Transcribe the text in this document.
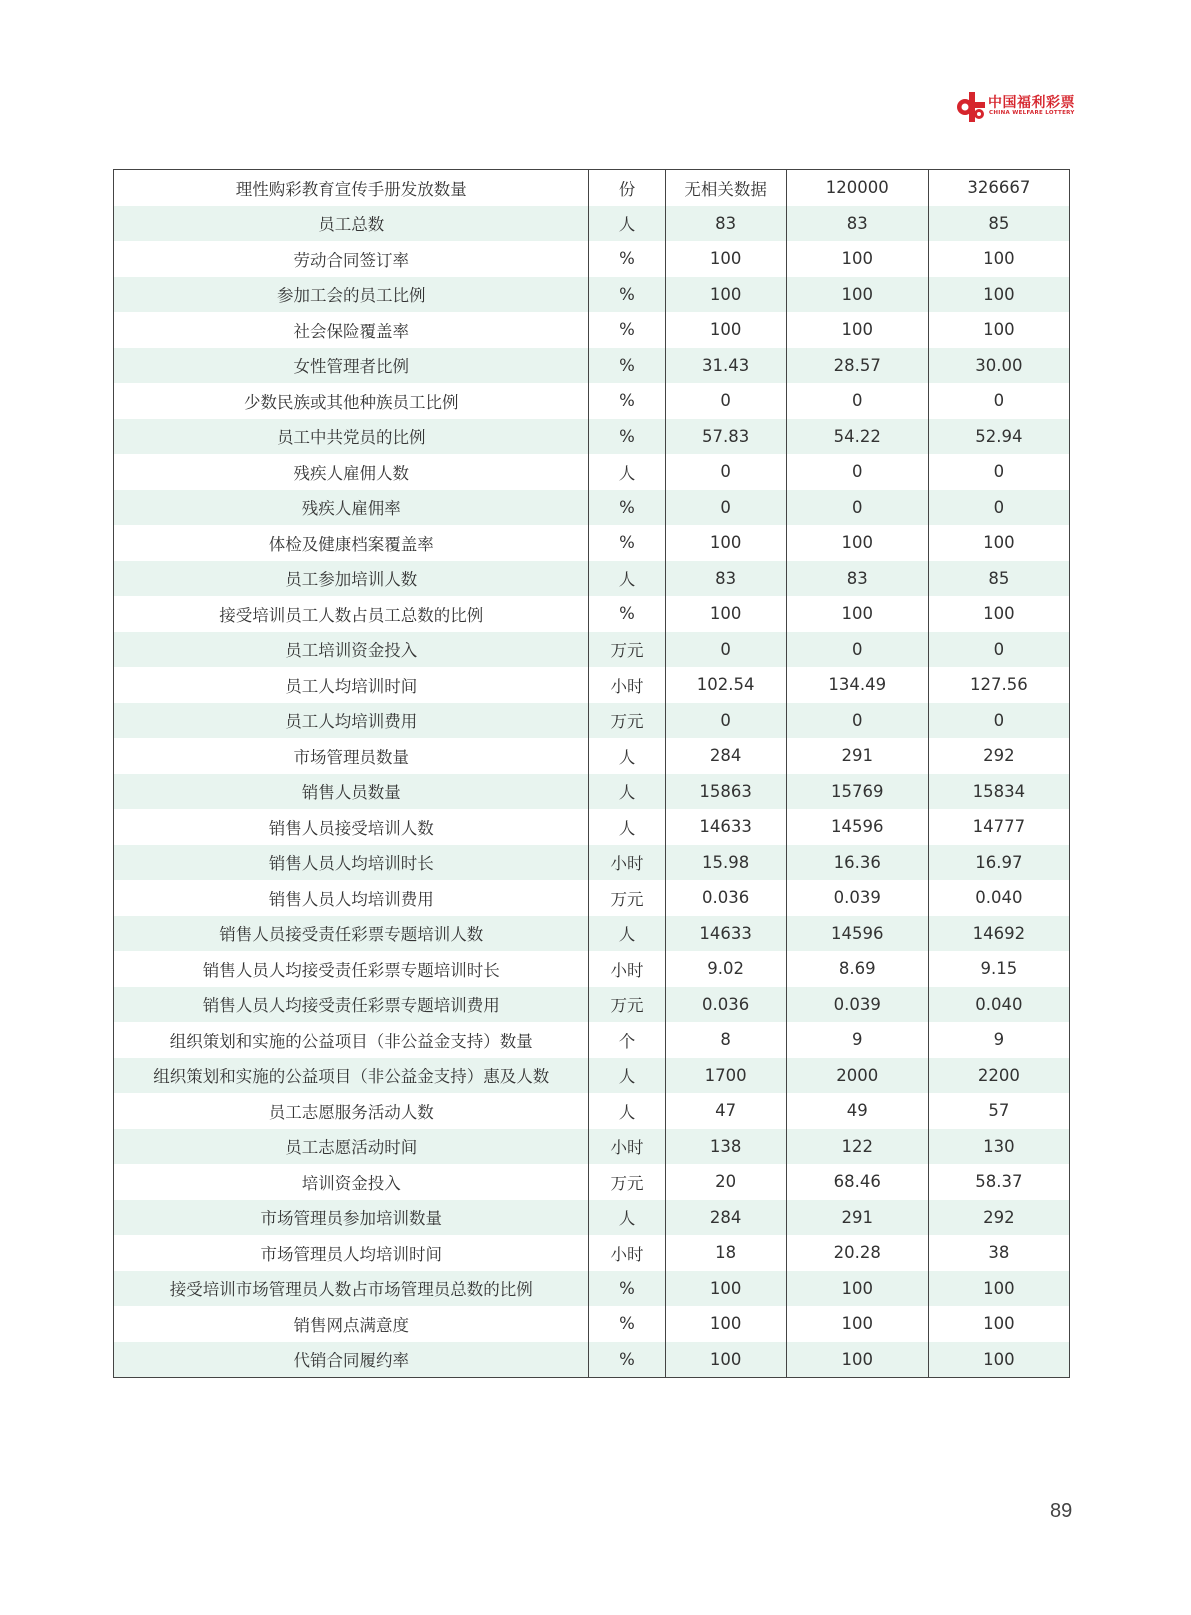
中国福利彩票
CHINA WELFARE LOTTERY
理性购彩教育宣传手册发放数量	份	无相关数据	120000	326667
员工总数	人	83	83	85
劳动合同签订率	%	100	100	100
参加工会的员工比例	%	100	100	100
社会保险覆盖率	%	100	100	100
女性管理者比例	%	31.43	28.57	30.00
少数民族或其他种族员工比例	%	0	0	0
员工中共党员的比例	%	57.83	54.22	52.94
残疾人雇佣人数	人	0	0	0
残疾人雇佣率	%	0	0	0
体检及健康档案覆盖率	%	100	100	100
员工参加培训人数	人	83	83	85
接受培训员工人数占员工总数的比例	%	100	100	100
员工培训资金投入	万元	0	0	0
员工人均培训时间	小时	102.54	134.49	127.56
员工人均培训费用	万元	0	0	0
市场管理员数量	人	284	291	292
销售人员数量	人	15863	15769	15834
销售人员接受培训人数	人	14633	14596	14777
销售人员人均培训时长	小时	15.98	16.36	16.97
销售人员人均培训费用	万元	0.036	0.039	0.040
销售人员接受责任彩票专题培训人数	人	14633	14596	14692
销售人员人均接受责任彩票专题培训时长	小时	9.02	8.69	9.15
销售人员人均接受责任彩票专题培训费用	万元	0.036	0.039	0.040
组织策划和实施的公益项目（非公益金支持）数量	个	8	9	9
组织策划和实施的公益项目（非公益金支持）惠及人数	人	1700	2000	2200
员工志愿服务活动人数	人	47	49	57
员工志愿活动时间	小时	138	122	130
培训资金投入	万元	20	68.46	58.37
市场管理员参加培训数量	人	284	291	292
市场管理员人均培训时间	小时	18	20.28	38
接受培训市场管理员人数占市场管理员总数的比例	%	100	100	100
销售网点满意度	%	100	100	100
代销合同履约率	%	100	100	100
89
